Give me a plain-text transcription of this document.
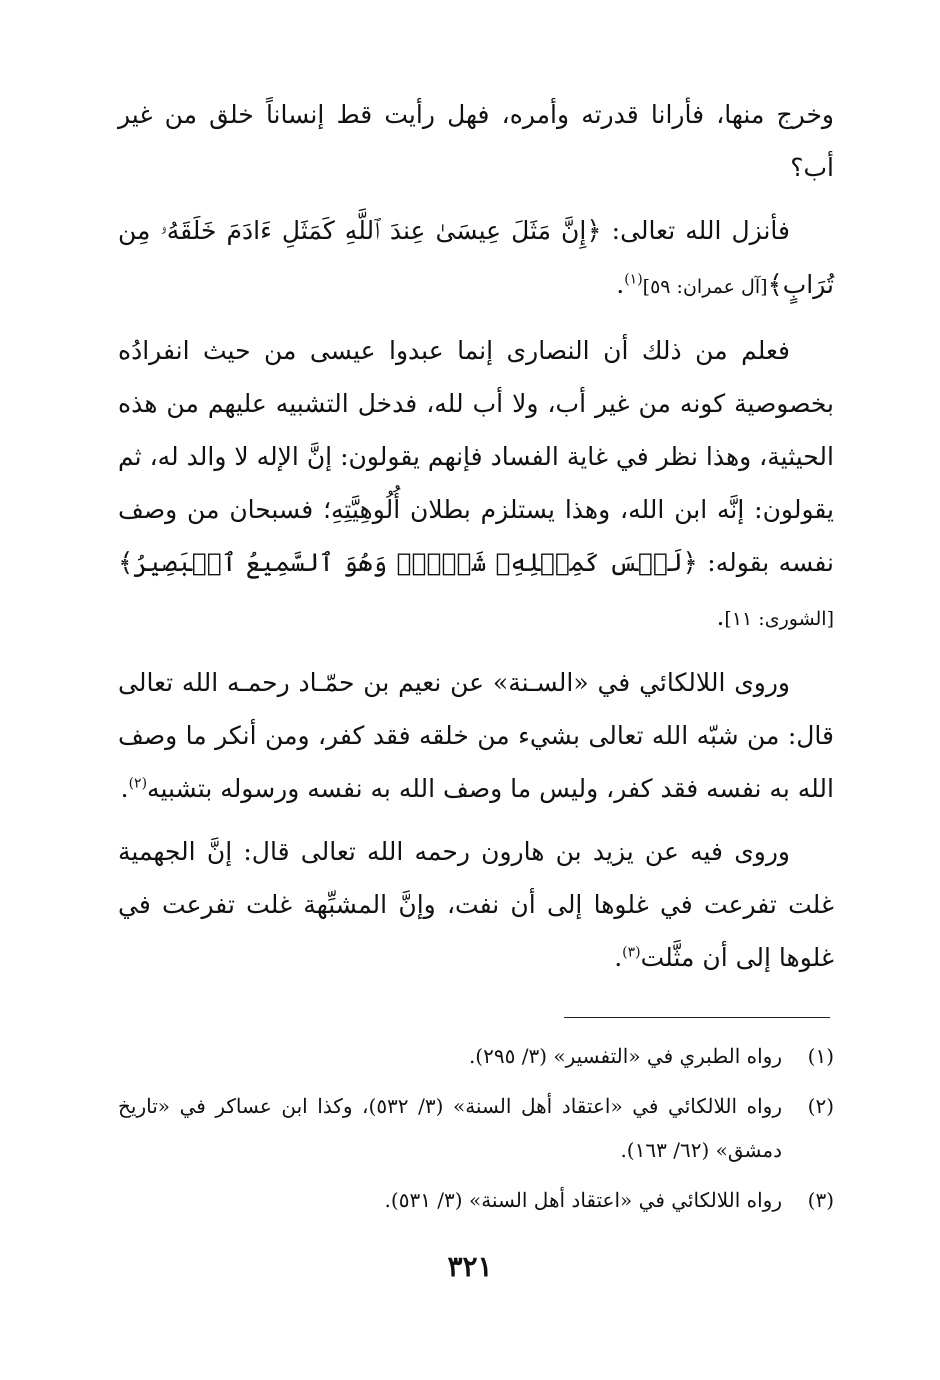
وخرج منها، فأرانا قدرته وأمره، فهل رأيت قط إنساناً خلق من غير أب؟

فأنزل الله تعالى: ﴿إِنَّ مَثَلَ عِيسَىٰ عِندَ ٱللَّهِ كَمَثَلِ ءَادَمَ خَلَقَهُۥ مِن تُرَابٍ﴾[آل عمران: ٥٩]$^{(١)}$.

فعلم من ذلك أن النصارى إنما عبدوا عيسى من حيث انفرادُه بخصوصية كونه من غير أب، ولا أب لله، فدخل التشبيه عليهم من هذه الحيثية، وهذا نظر في غاية الفساد فإنهم يقولون: إنَّ الإله لا والد له، ثم يقولون: إنَّه ابن الله، وهذا يستلزم بطلان أُلُوهِيَّتِهِ؛ فسبحان من وصف نفسه بقوله: ﴿لَيۡسَ كَمِثۡلِهِۦ شَيۡءٞۖ وَهُوَ ٱلسَّمِيعُ ٱلۡبَصِيرُ﴾[الشورى: ١١].

وروى اللالكائي في «السـنة» عن نعيم بن حمّـاد رحمـه الله تعالى قال: من شبّه الله تعالى بشيء من خلقه فقد كفر، ومن أنكر ما وصف الله به نفسه فقد كفر، وليس ما وصف الله به نفسه ورسوله بتشبيه$^{(٢)}$.

وروى فيه عن يزيد بن هارون رحمه الله تعالى قال: إنَّ الجهمية غلت تفرعت في غلوها إلى أن نفت، وإنَّ المشبِّهة غلت تفرعت في غلوها إلى أن مثَّلت$^{(٣)}$.

(١)
رواه الطبري في «التفسير» (٣/ ٢٩٥).

(٢)
رواه اللالكائي في «اعتقاد أهل السنة» (٣/ ٥٣٢)، وكذا ابن عساكر في «تاريخ دمشق» (٦٢/ ١٦٣).

(٣)
رواه اللالكائي في «اعتقاد أهل السنة» (٣/ ٥٣١).

٣٢١
